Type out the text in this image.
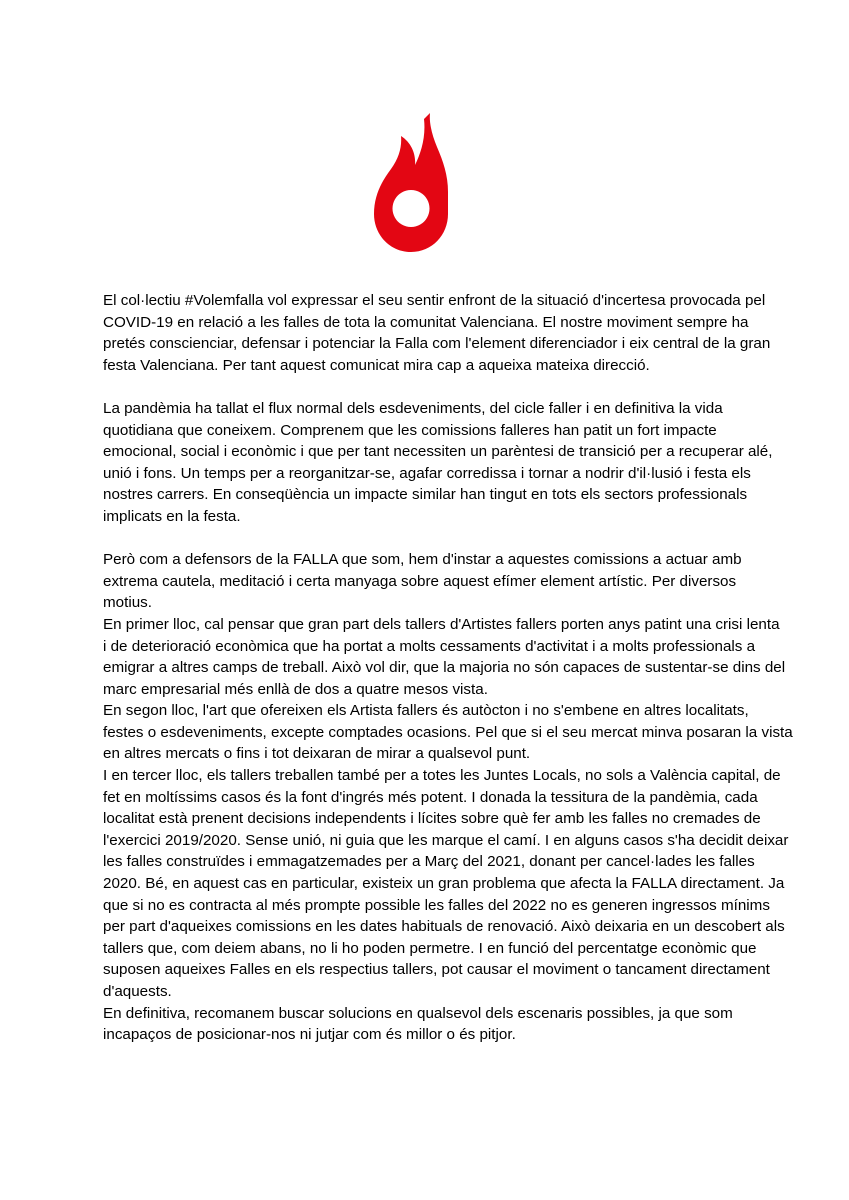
El col·lectiu #Volemfalla vol expressar el seu sentir enfront de la situació d'incertesa provocada pel
COVID-19 en relació a les falles de tota la comunitat Valenciana. El nostre moviment sempre ha
pretés conscienciar, defensar i potenciar la Falla com l'element diferenciador i eix central de la gran
festa Valenciana. Per tant aquest comunicat mira cap a aqueixa mateixa direcció.
La pandèmia ha tallat el flux normal dels esdeveniments, del cicle faller i en definitiva la vida
quotidiana que coneixem. Comprenem que les comissions falleres han patit un fort impacte
emocional, social i econòmic i que per tant necessiten un parèntesi de transició per a recuperar alé,
unió i fons. Un temps per a reorganitzar-se, agafar corredissa i tornar a nodrir d'il·lusió i festa els
nostres carrers. En conseqüència un impacte similar han tingut en tots els sectors professionals
implicats en la festa.
Però com a defensors de la FALLA que som, hem d'instar a aquestes comissions a actuar amb
extrema cautela, meditació i certa manyaga sobre aquest efímer element artístic. Per diversos
motius.
En primer lloc, cal pensar que gran part dels tallers d'Artistes fallers porten anys patint una crisi lenta
i de deterioració econòmica que ha portat a molts cessaments d'activitat i a molts professionals a
emigrar a altres camps de treball. Això vol dir, que la majoria no són capaces de sustentar-se dins del
marc empresarial més enllà de dos a quatre mesos vista.
En segon lloc, l'art que ofereixen els Artista fallers és autòcton i no s'embene en altres localitats,
festes o esdeveniments, excepte comptades ocasions. Pel que si el seu mercat minva posaran la vista
en altres mercats o fins i tot deixaran de mirar a qualsevol punt.
I en tercer lloc, els tallers treballen també per a totes les Juntes Locals, no sols a València capital, de
fet en moltíssims casos és la font d'ingrés més potent. I donada la tessitura de la pandèmia, cada
localitat està prenent decisions independents i lícites sobre què fer amb les falles no cremades de
l'exercici 2019/2020. Sense unió, ni guia que les marque el camí. I en alguns casos s'ha decidit deixar
les falles construïdes i emmagatzemades per a Març del 2021, donant per cancel·lades les falles
2020. Bé, en aquest cas en particular, existeix un gran problema que afecta la FALLA directament. Ja
que si no es contracta al més prompte possible les falles del 2022 no es generen ingressos mínims
per part d'aqueixes comissions en les dates habituals de renovació. Això deixaria en un descobert als
tallers que, com deiem abans, no li ho poden permetre. I en funció del percentatge econòmic que
suposen aqueixes Falles en els respectius tallers, pot causar el moviment o tancament directament
d'aquests.
En definitiva, recomanem buscar solucions en qualsevol dels escenaris possibles, ja que som
incapaços de posicionar-nos ni jutjar com és millor o és pitjor.
